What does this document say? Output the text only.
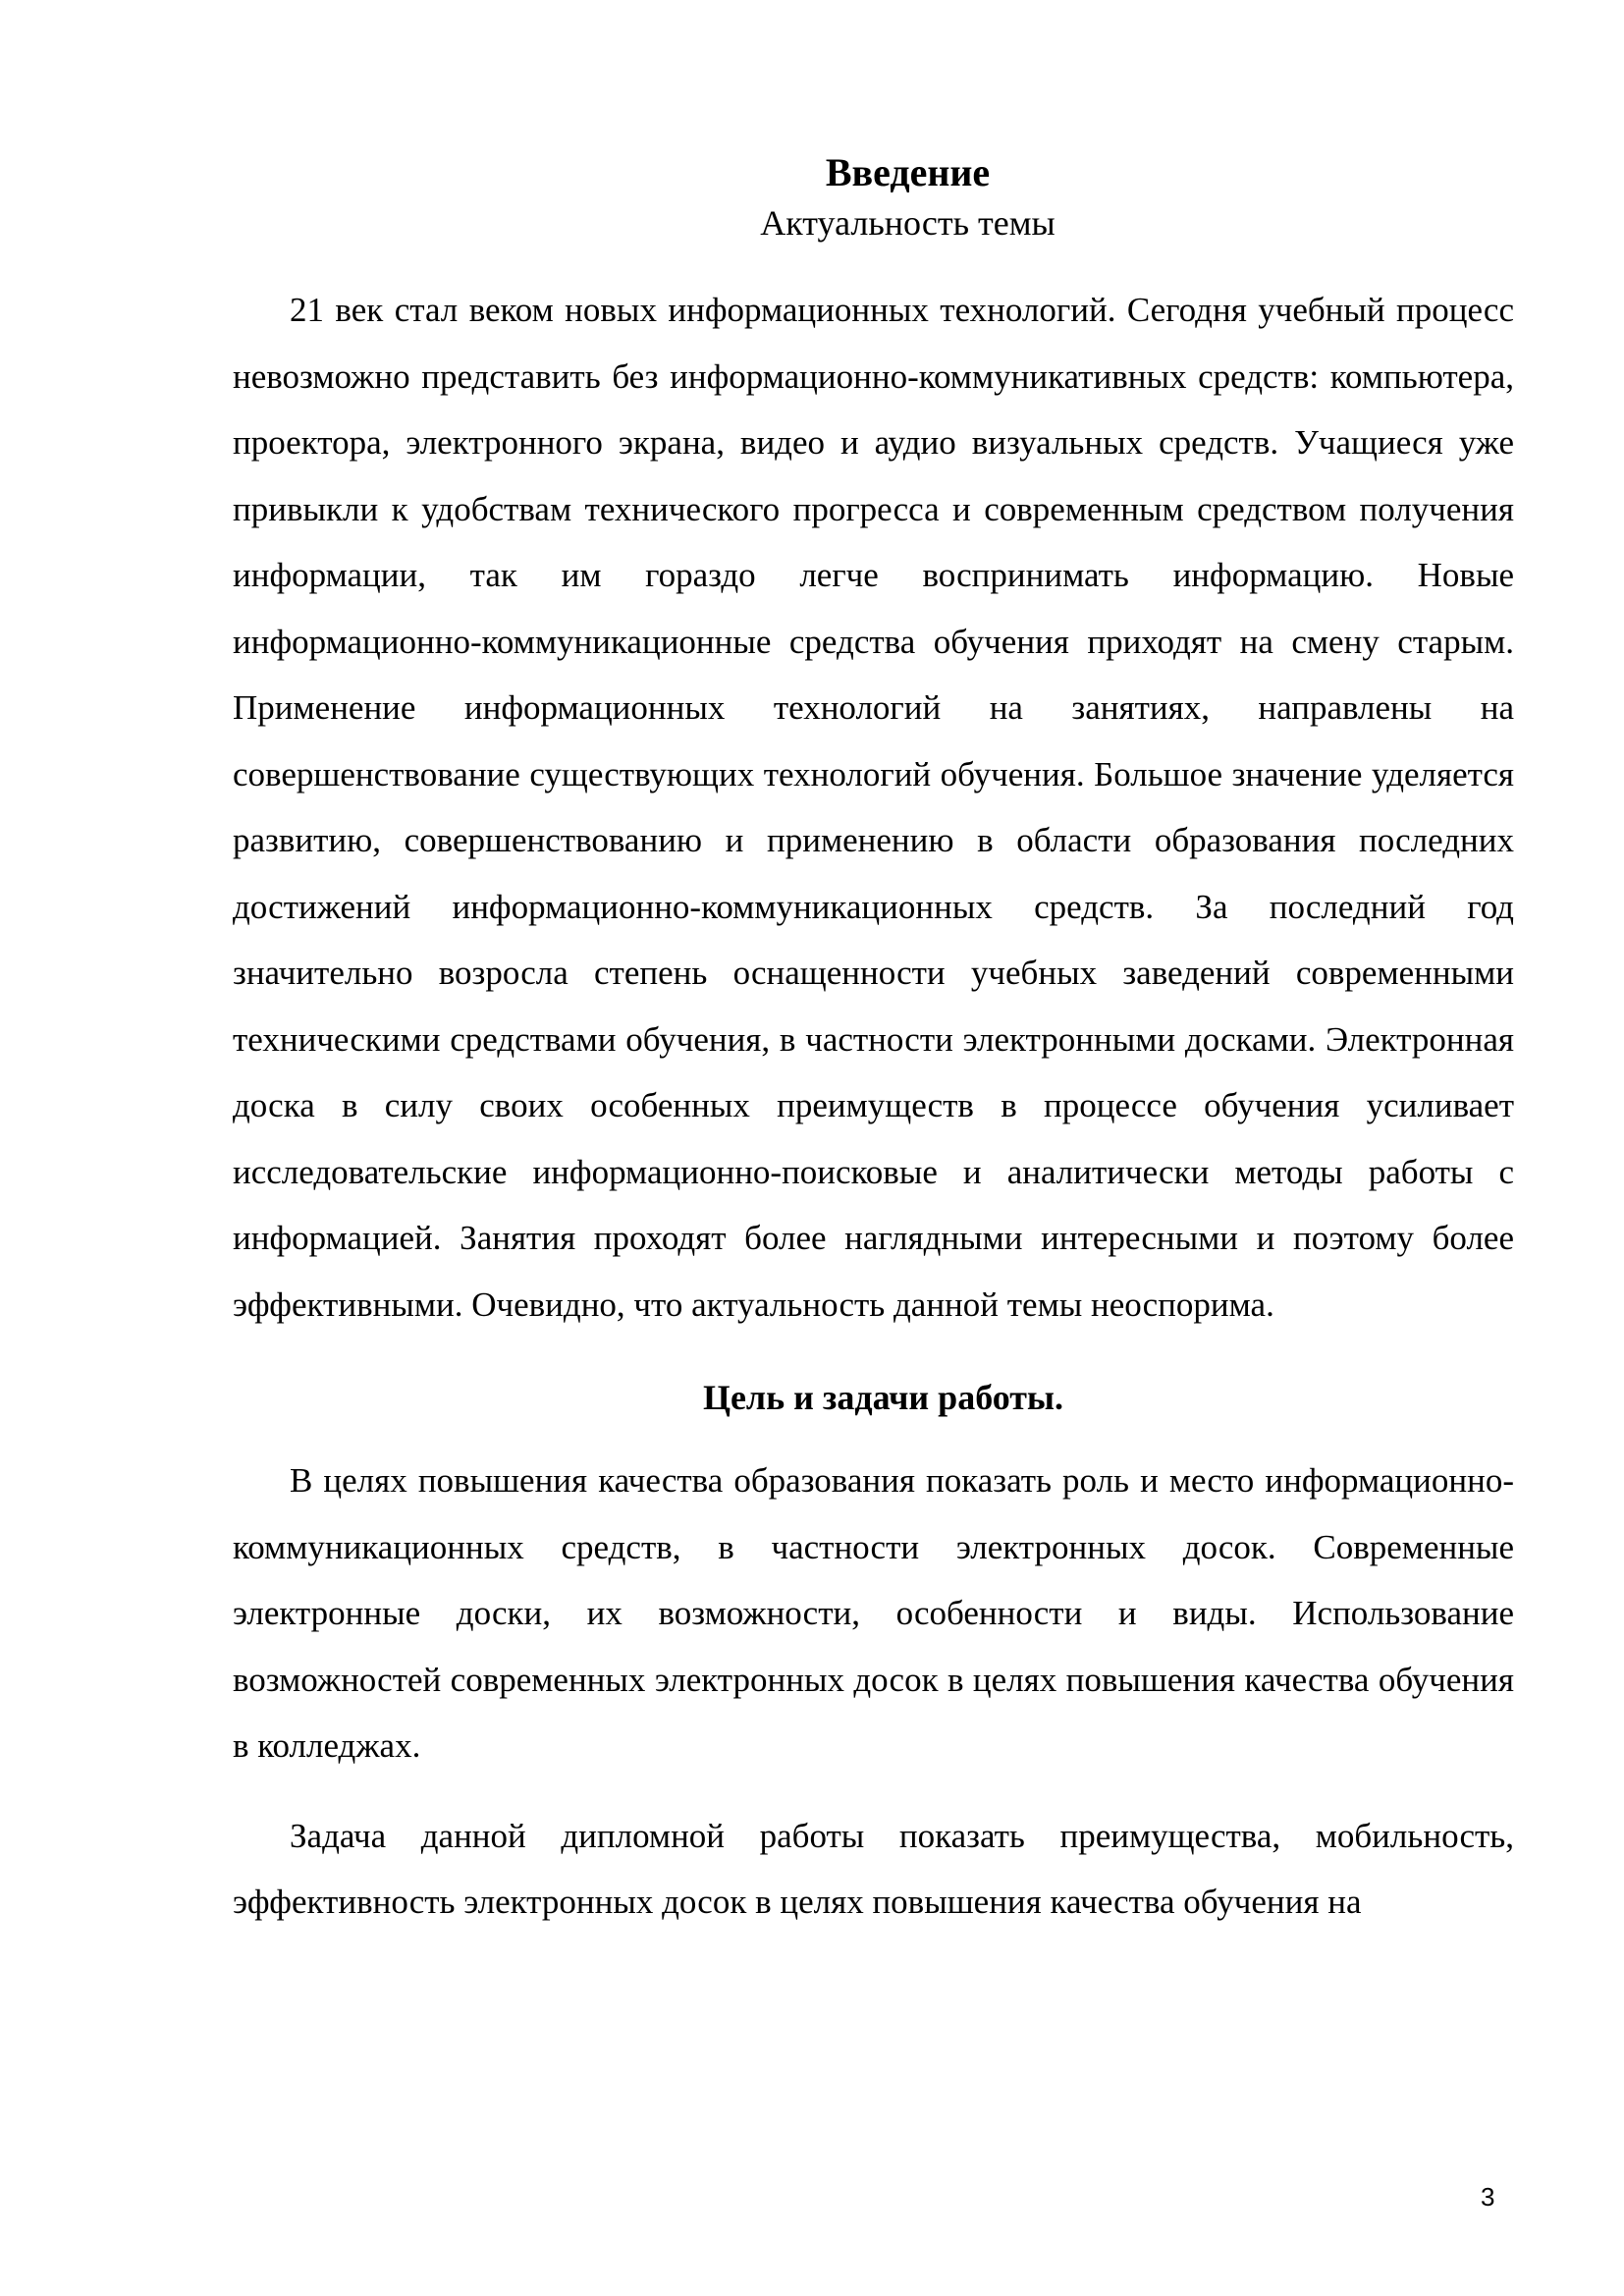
Введение

Актуальность темы

21 век стал веком новых информационных технологий. Сегодня учебный процесс невозможно представить без информационно-коммуникативных средств: компьютера, проектора, электронного экрана, видео и аудио визуальных средств. Учащиеся уже привыкли к удобствам технического прогресса и современным средством получения информации, так им гораздо легче воспринимать информацию. Новые информационно-коммуникационные средства обучения приходят на смену старым. Применение информационных технологий на занятиях, направлены на совершенствование существующих технологий обучения. Большое значение уделяется развитию, совершенствованию и применению в области образования последних достижений информационно-коммуникационных средств. За последний год значительно возросла степень оснащенности учебных заведений современными техническими средствами обучения, в частности электронными досками. Электронная доска в силу своих особенных преимуществ в процессе обучения усиливает исследовательские информационно-поисковые и аналитически методы работы с информацией. Занятия проходят более наглядными интересными и поэтому более эффективными. Очевидно, что актуальность данной темы неоспорима.

Цель и задачи работы.

В целях повышения качества образования показать роль и место информационно-коммуникационных средств, в частности электронных досок. Современные электронные доски, их возможности, особенности и виды. Использование возможностей современных электронных досок в целях повышения качества обучения в колледжах.

Задача данной дипломной работы показать преимущества, мобильность, эффективность электронных досок в целях повышения качества обучения на

3
